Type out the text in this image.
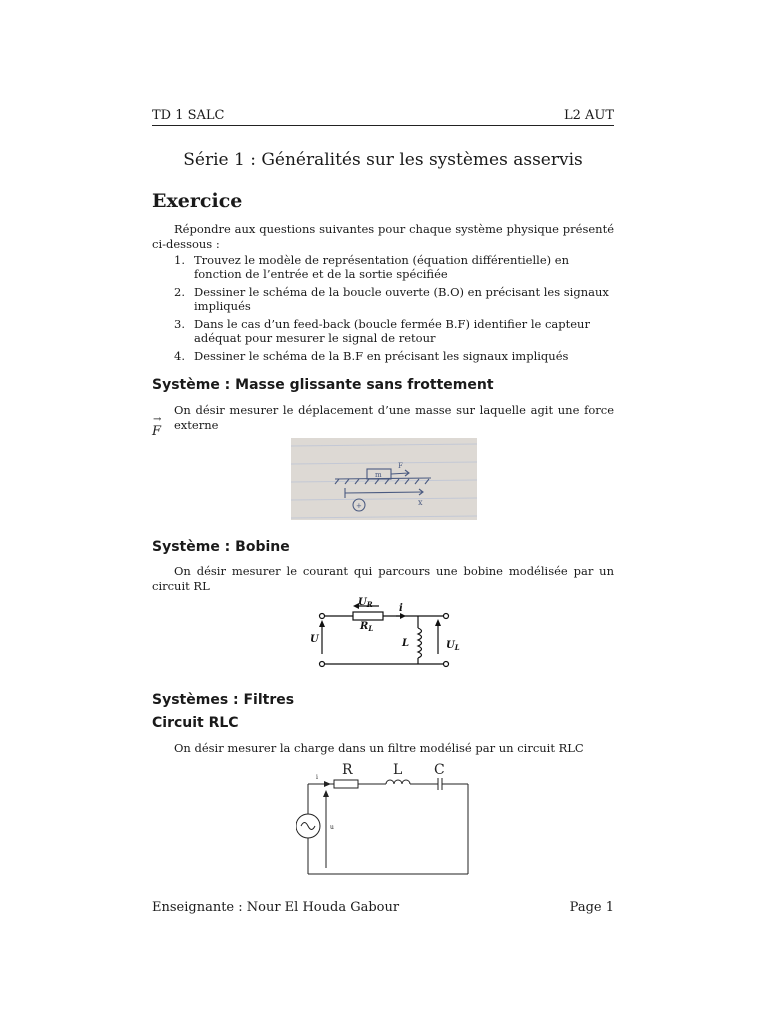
TD 1 SALC	L2 AUT
Série 1 : Généralités sur les systèmes asservis
Exercice
Répondre aux questions suivantes pour chaque système physique présenté ci-dessous :
1. Trouvez le modèle de représentation (équation différentielle) en fonction de l’entrée et de la sortie spécifiée
2. Dessiner le schéma de la boucle ouverte (B.O) en précisant les signaux impliqués
3. Dans le cas d’un feed-back (boucle fermée B.F) identifier le capteur adéquat pour mesurer le signal de retour
4. Dessiner le schéma de la B.F en précisant les signaux impliqués
Système : Masse glissante sans frottement
On désir mesurer le déplacement d’une masse sur laquelle agit une force externe
→
F
m
F
x
+
Système : Bobine
On désir mesurer le courant qui parcours une bobine modélisée par un circuit RL
$U_R$	i
$R_L$
U	L	$U_L$
Systèmes : Filtres
Circuit RLC
On désir mesurer la charge dans un filtre modélisé par un circuit RLC
R	L C
i
u
Enseignante : Nour El Houda Gabour	Page 1
